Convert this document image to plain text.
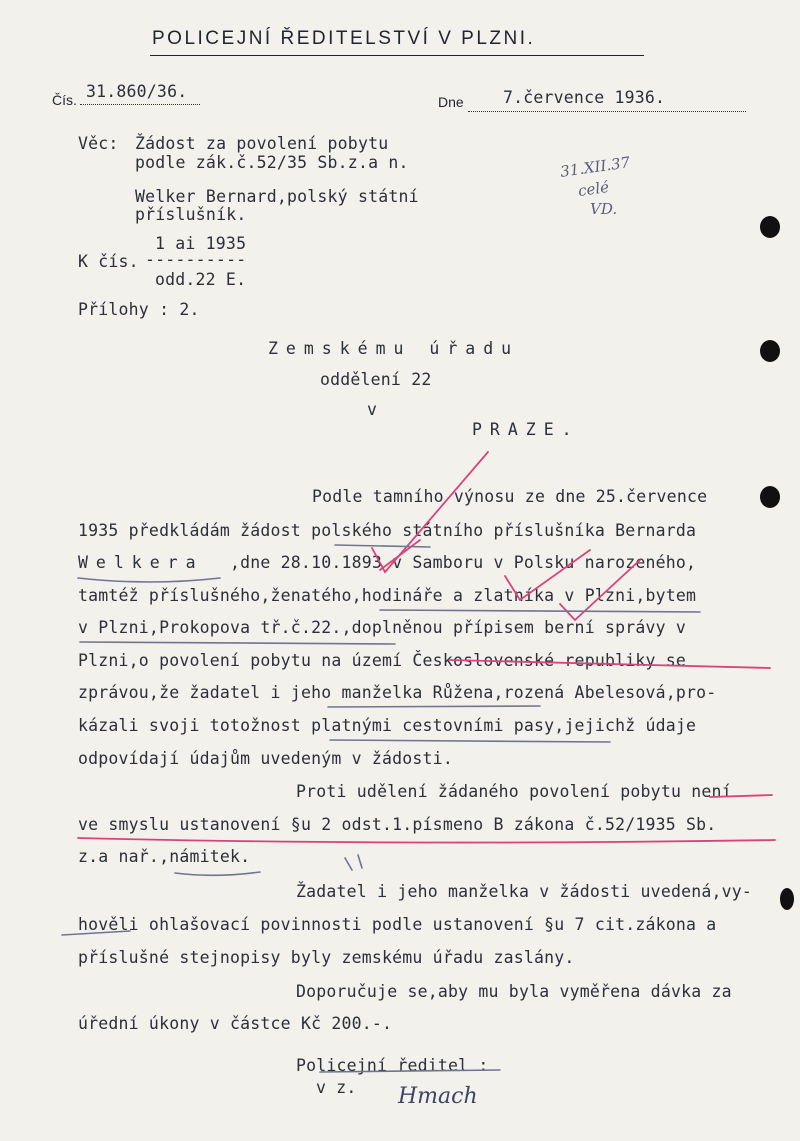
POLICEJNÍ ŘEDITELSTVÍ V PLZNI.
Čís. 31.860/36.
Dne 7.července 1936.
Věc: Žádost za povolení pobytu
podle zák.č.52/35 Sb.z.a n.
Welker Bernard,polský státní
příslušník.
1 ai 1935
K čís. ----------
odd.22 E.
Přílohy : 2.
Zemskému úřadu
oddělení 22
v
PRAZE.
Podle tamního výnosu ze dne 25.července
1935 předkládám žádost polského státního příslušníka Bernarda
Welkera ,dne 28.10.1893 v Samboru v Polsku narozeného,
tamtéž příslušného,ženatého,hodináře a zlatníka v Plzni,bytem
v Plzni,Prokopova tř.č.22.,doplněnou přípisem berní správy v
Plzni,o povolení pobytu na území Československé republiky se
zprávou,že žadatel i jeho manželka Růžena,rozená Abelesová,pro-
kázali svoji totožnost platnými cestovními pasy,jejichž údaje
odpovídají údajům uvedeným v žádosti.
Proti udělení žádaného povolení pobytu není
ve smyslu ustanovení §u 2 odst.1.písmeno B zákona č.52/1935 Sb.
z.a nař.,námitek.
Žadatel i jeho manželka v žádosti uvedená,vy-
hověli ohlašovací povinnosti podle ustanovení §u 7 cit.zákona a
příslušné stejnopisy byly zemskému úřadu zaslány.
Doporučuje se,aby mu byla vyměřena dávka za
úřední úkony v částce Kč 200.-.
Policejní ředitel :
v z. Hmach
31.XII.37
celé
VD.
